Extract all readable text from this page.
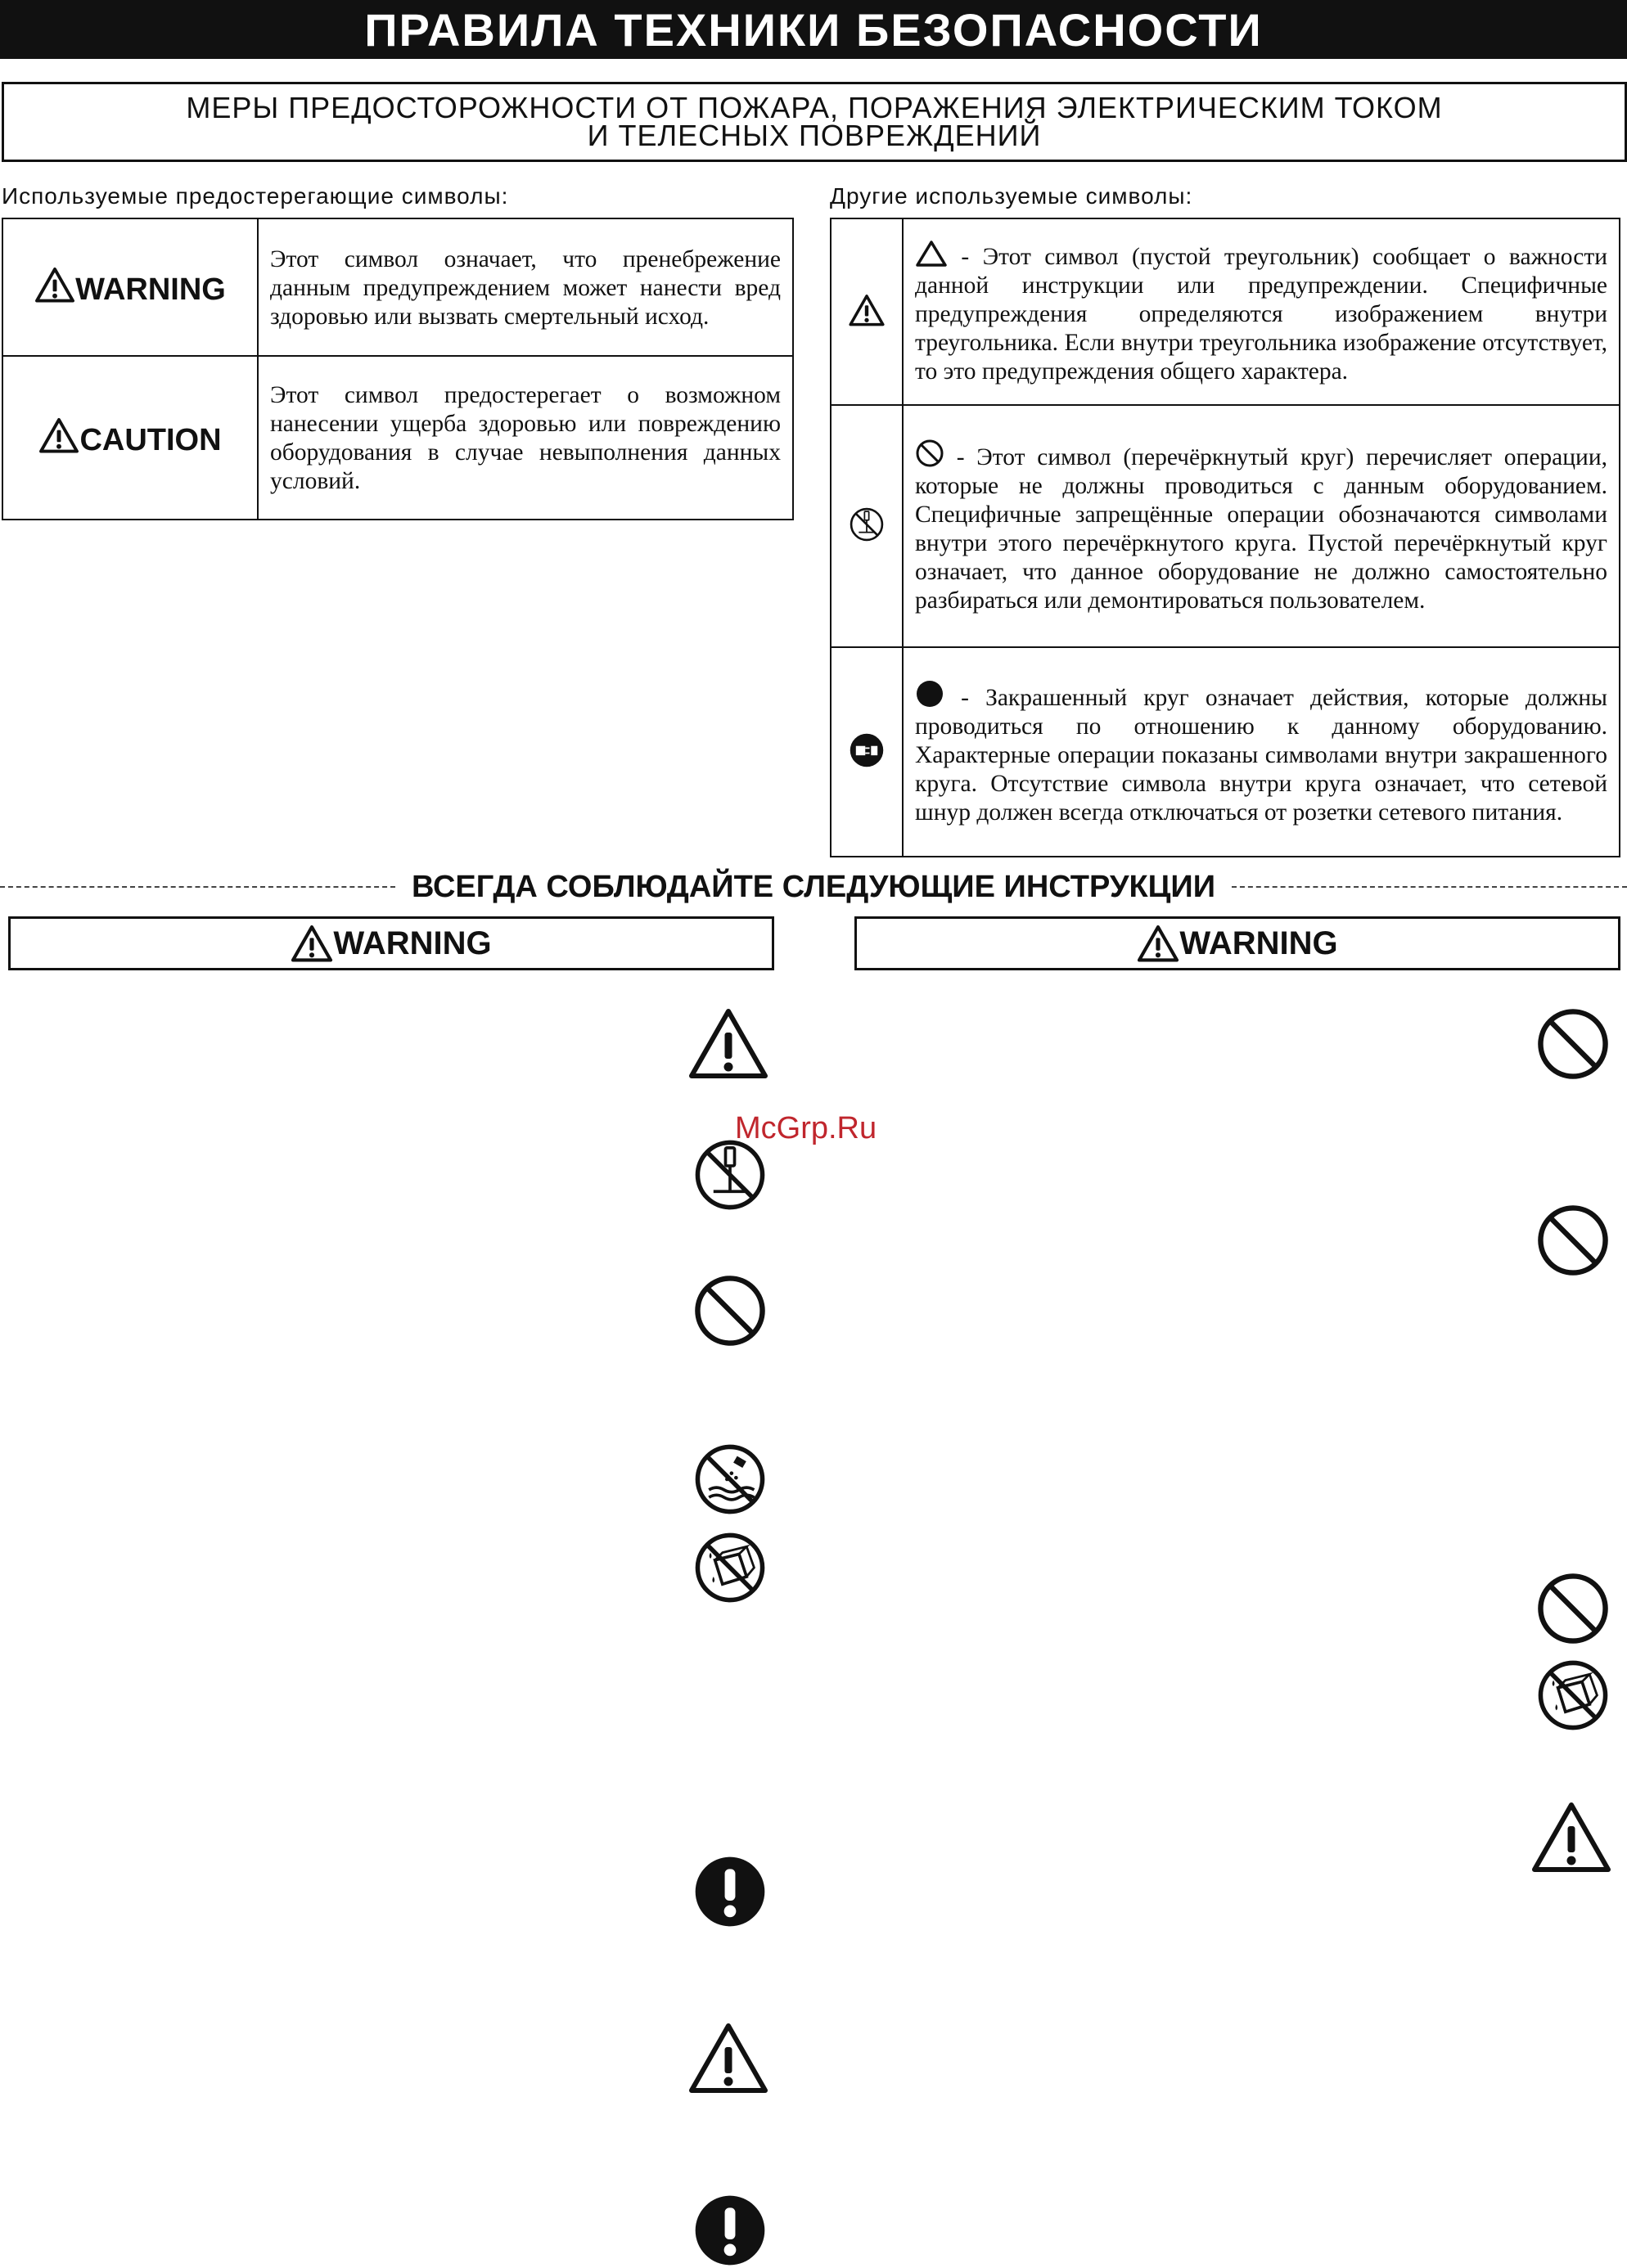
ПРАВИЛА ТЕХНИКИ БЕЗОПАСНОСТИ
МЕРЫ ПРЕДОСТОРОЖНОСТИ ОТ ПОЖАРА, ПОРАЖЕНИЯ ЭЛЕКТРИЧЕСКИМ ТОКОМ
И ТЕЛЕСНЫХ ПОВРЕЖДЕНИЙ
Используемые предостерегающие символы:
WARNING	Этот символ означает, что пренебрежение данным предупреждением может нанести вред здоровью или вызвать смертельный исход.
CAUTION	Этот символ предостерегает о возможном нанесении ущерба здоровью или повреждению оборудования в случае невыполнения данных условий.
Другие используемые символы:
	- Этот символ (пустой треугольник) сообщает о важности данной инструкции или предупреждении. Специфичные предупреждения определяются изображением внутри треугольника. Если внутри треугольника изображение отсутствует, то это предупреждения общего характера.
	- Этот символ (перечёркнутый круг) перечисляет операции, которые не должны проводиться с данным оборудованием. Специфичные запрещённые операции обозначаются символами внутри этого перечёркнутого круга. Пустой перечёркнутый круг означает, что данное оборудование не должно самостоятельно разбираться или демонтироваться пользователем.
	- Закрашенный круг означает действия, которые должны проводиться по отношению к данному оборудованию. Характерные операции показаны символами внутри закрашенного круга. Отсутствие символа внутри круга означает, что сетевой шнур должен всегда отключаться от розетки сетевого питания.
ВСЕГДА СОБЛЮДАЙТЕ СЛЕДУЮЩИЕ ИНСТРУКЦИИ
WARNING	WARNING
McGrp.Ru
